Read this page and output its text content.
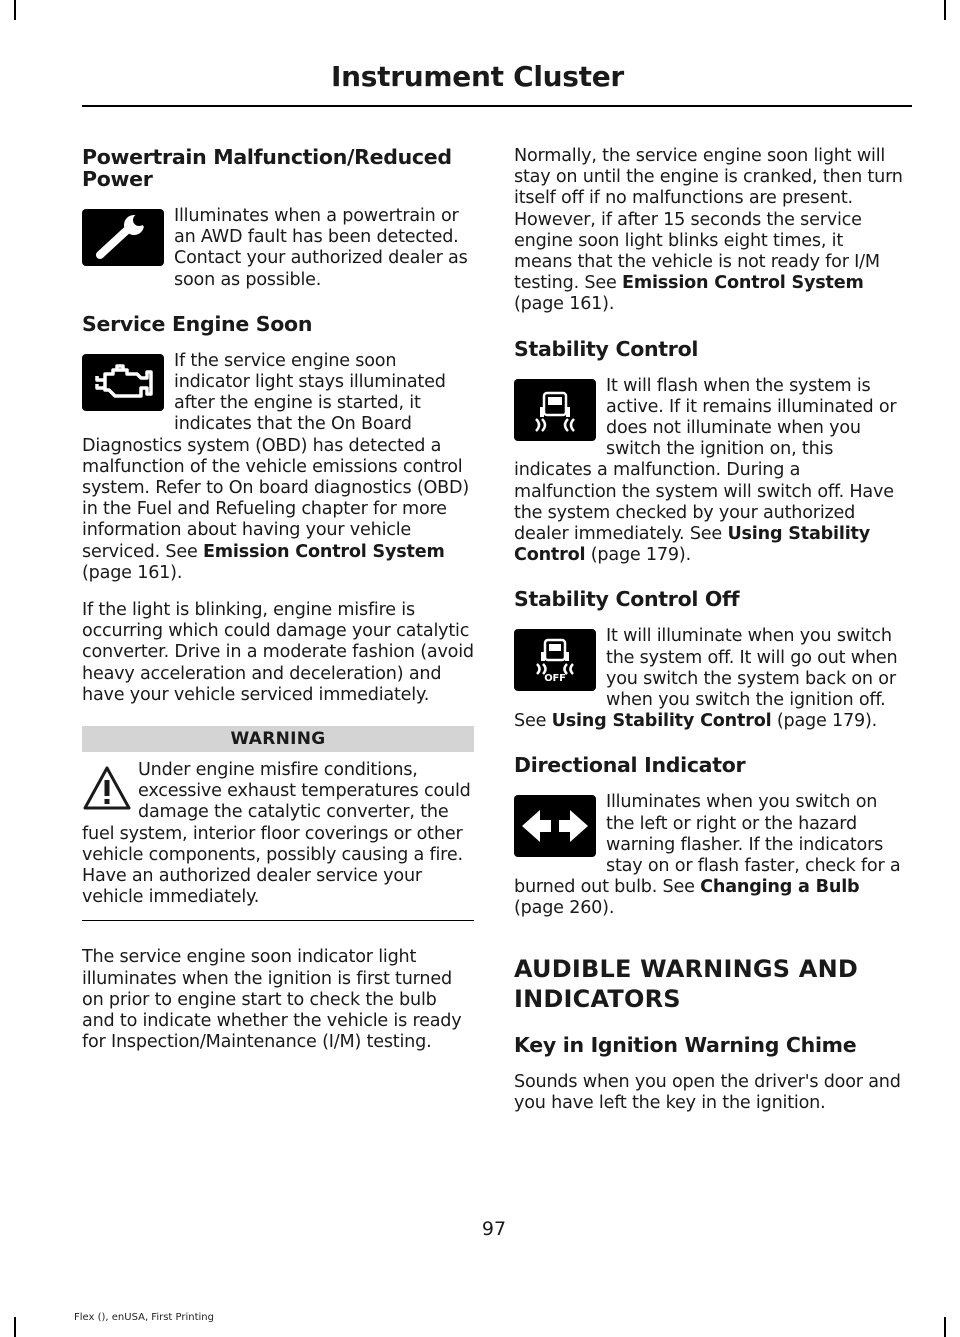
Instrument Cluster
Powertrain Malfunction/Reduced Power

Illuminates when a powertrain or an AWD fault has been detected. Contact your authorized dealer as soon as possible.

Service Engine Soon

If the service engine soon indicator light stays illuminated after the engine is started, it indicates that the On Board Diagnostics system (OBD) has detected a malfunction of the vehicle emissions control system. Refer to On board diagnostics (OBD) in the Fuel and Refueling chapter for more information about having your vehicle serviced. See Emission Control System (page 161).

If the light is blinking, engine misfire is occurring which could damage your catalytic converter. Drive in a moderate fashion (avoid heavy acceleration and deceleration) and have your vehicle serviced immediately.

WARNING
Under engine misfire conditions, excessive exhaust temperatures could damage the catalytic converter, the fuel system, interior floor coverings or other vehicle components, possibly causing a fire. Have an authorized dealer service your vehicle immediately.

The service engine soon indicator light illuminates when the ignition is first turned on prior to engine start to check the bulb and to indicate whether the vehicle is ready for Inspection/Maintenance (I/M) testing.

Normally, the service engine soon light will stay on until the engine is cranked, then turn itself off if no malfunctions are present. However, if after 15 seconds the service engine soon light blinks eight times, it means that the vehicle is not ready for I/M testing. See Emission Control System (page 161).

Stability Control

It will flash when the system is active. If it remains illuminated or does not illuminate when you switch the ignition on, this indicates a malfunction. During a malfunction the system will switch off. Have the system checked by your authorized dealer immediately. See Using Stability Control (page 179).

Stability Control Off

OFF
It will illuminate when you switch the system off. It will go out when you switch the system back on or when you switch the ignition off. See Using Stability Control (page 179).

Directional Indicator

Illuminates when you switch on the left or right or the hazard warning flasher. If the indicators stay on or flash faster, check for a burned out bulb. See Changing a Bulb (page 260).

AUDIBLE WARNINGS AND INDICATORS
Key in Ignition Warning Chime

Sounds when you open the driver's door and you have left the key in the ignition.

97
Flex (), enUSA, First Printing
